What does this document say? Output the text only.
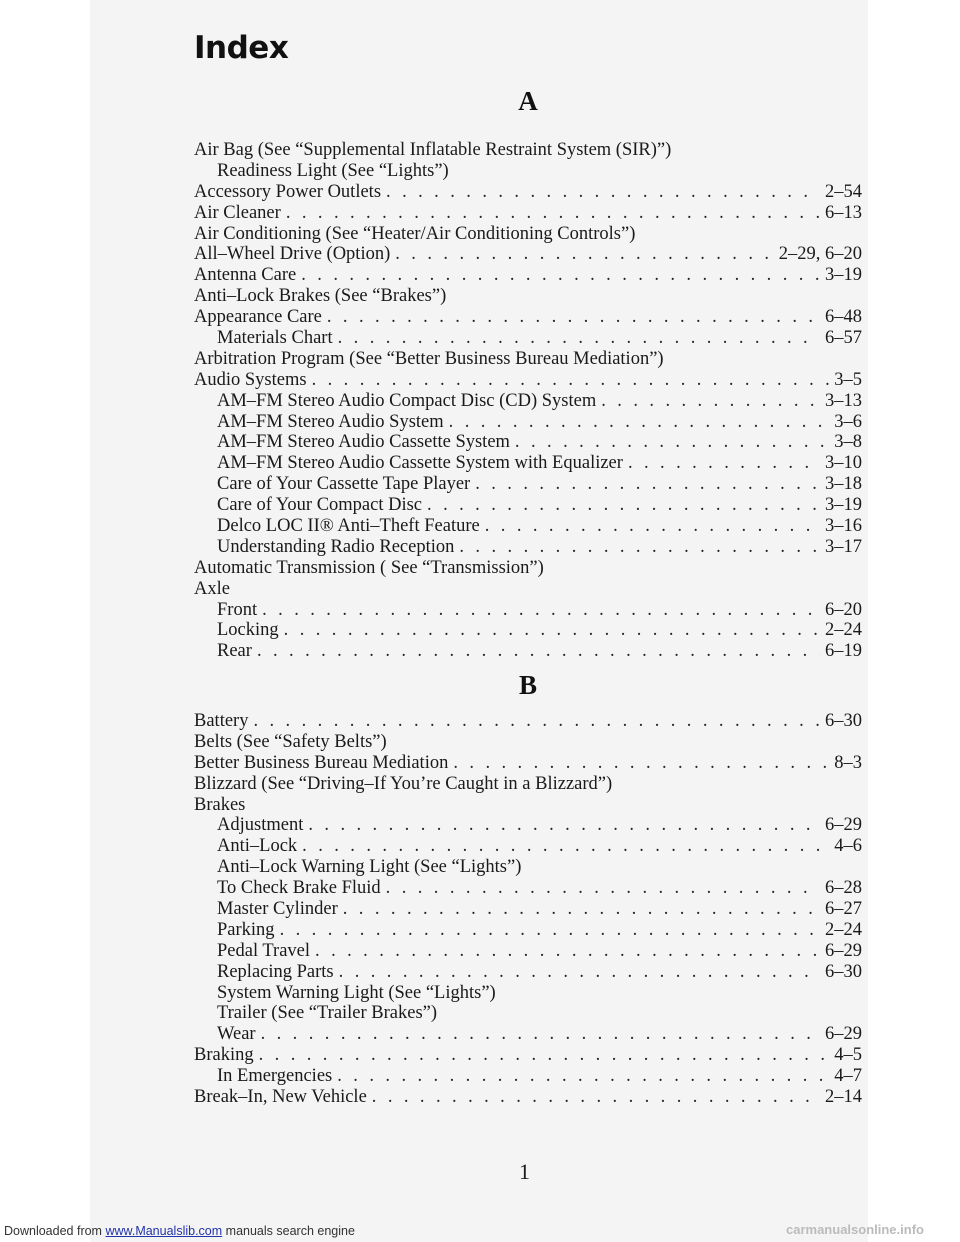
Index
A
Air Bag (See “Supplemental Inflatable Restraint System (SIR)”)
Readiness Light (See “Lights”)
Accessory Power Outlets . . .	2–54
Air Cleaner . . .	6–13
Air Conditioning (See “Heater/Air Conditioning Controls”)
All–Wheel Drive (Option) . . .	2–29, 6–20
Antenna Care . . .	3–19
Anti–Lock Brakes (See “Brakes”)
Appearance Care . . .	6–48
Materials Chart . . .	6–57
Arbitration Program (See “Better Business Bureau Mediation”)
Audio Systems . . .	3–5
AM–FM Stereo Audio Compact Disc (CD) System . . .	3–13
AM–FM Stereo Audio System . . .	3–6
AM–FM Stereo Audio Cassette System . . .	3–8
AM–FM Stereo Audio Cassette System with Equalizer . . .	3–10
Care of Your Cassette Tape Player . . .	3–18
Care of Your Compact Disc . . .	3–19
Delco LOC II® Anti–Theft Feature . . .	3–16
Understanding Radio Reception . . .	3–17
Automatic Transmission ( See “Transmission”)
Axle
Front . . .	6–20
Locking . . .	2–24
Rear . . .	6–19
B
Battery . . .	6–30
Belts (See “Safety Belts”)
Better Business Bureau Mediation . . .	8–3
Blizzard (See “Driving–If You’re Caught in a Blizzard”)
Brakes
Adjustment . . .	6–29
Anti–Lock . . .	4–6
Anti–Lock Warning Light (See “Lights”)
To Check Brake Fluid . . .	6–28
Master Cylinder . . .	6–27
Parking . . .	2–24
Pedal Travel . . .	6–29
Replacing Parts . . .	6–30
System Warning Light (See “Lights”)
Trailer (See “Trailer Brakes”)
Wear . . .	6–29
Braking . . .	4–5
In Emergencies . . .	4–7
Break–In, New Vehicle . . .	2–14
1
Downloaded from www.Manualslib.com manuals search engine	carmanualsonline.info
